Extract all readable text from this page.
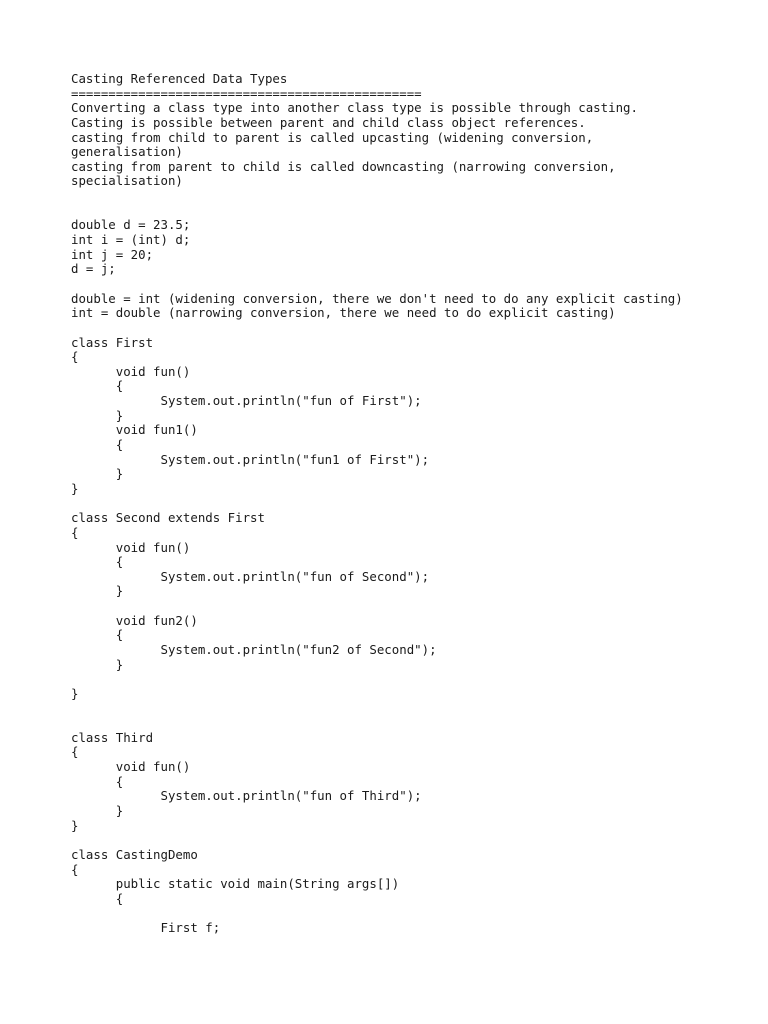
Casting Referenced Data Types
===============================================
Converting a class type into another class type is possible through casting.
Casting is possible between parent and child class object references.
casting from child to parent is called upcasting (widening conversion,
generalisation)
casting from parent to child is called downcasting (narrowing conversion,
specialisation)
double d = 23.5;
int i = (int) d;
int j = 20;
d = j;
double = int (widening conversion, there we don't need to do any explicit casting)
int = double (narrowing conversion, there we need to do explicit casting)
class First
{
void fun()
{
System.out.println("fun of First");
}
void fun1()
{
System.out.println("fun1 of First");
}
}
class Second extends First
{
void fun()
{
System.out.println("fun of Second");
}
void fun2()
{
System.out.println("fun2 of Second");
}
}
class Third
{
void fun()
{
System.out.println("fun of Third");
}
}
class CastingDemo
{
public static void main(String args[])
{
First f;
